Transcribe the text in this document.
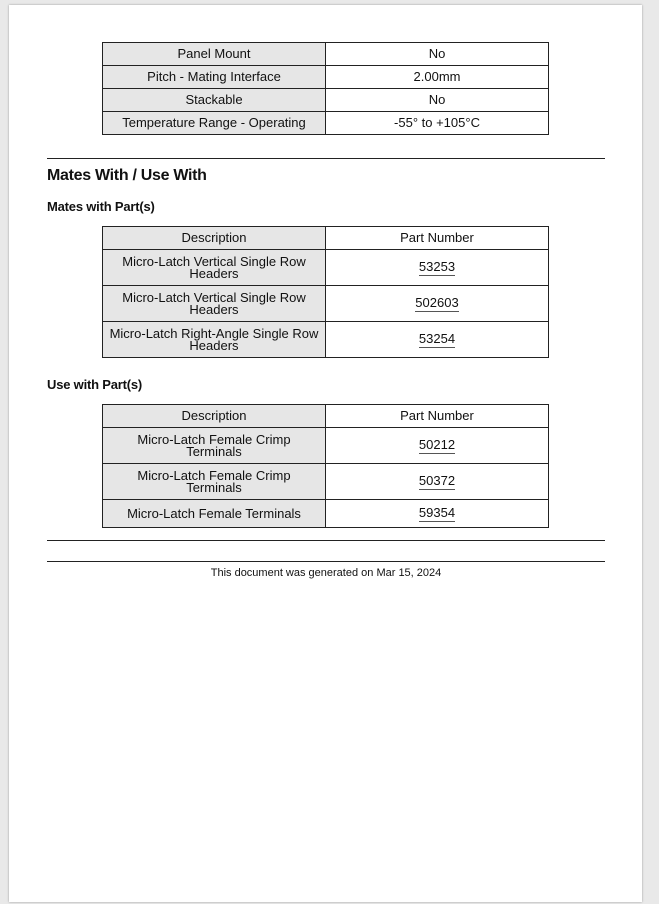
Panel Mount	No
Pitch - Mating Interface	2.00mm
Stackable	No
Temperature Range - Operating	-55° to +105°C
Mates With / Use With
Mates with Part(s)
Description	Part Number
Micro-Latch Vertical Single Row Headers	53253
Micro-Latch Vertical Single Row Headers	502603
Micro-Latch Right-Angle Single Row Headers	53254
Use with Part(s)
Description	Part Number
Micro-Latch Female Crimp Terminals	50212
Micro-Latch Female Crimp Terminals	50372
Micro-Latch Female Terminals	59354
This document was generated on Mar 15, 2024
